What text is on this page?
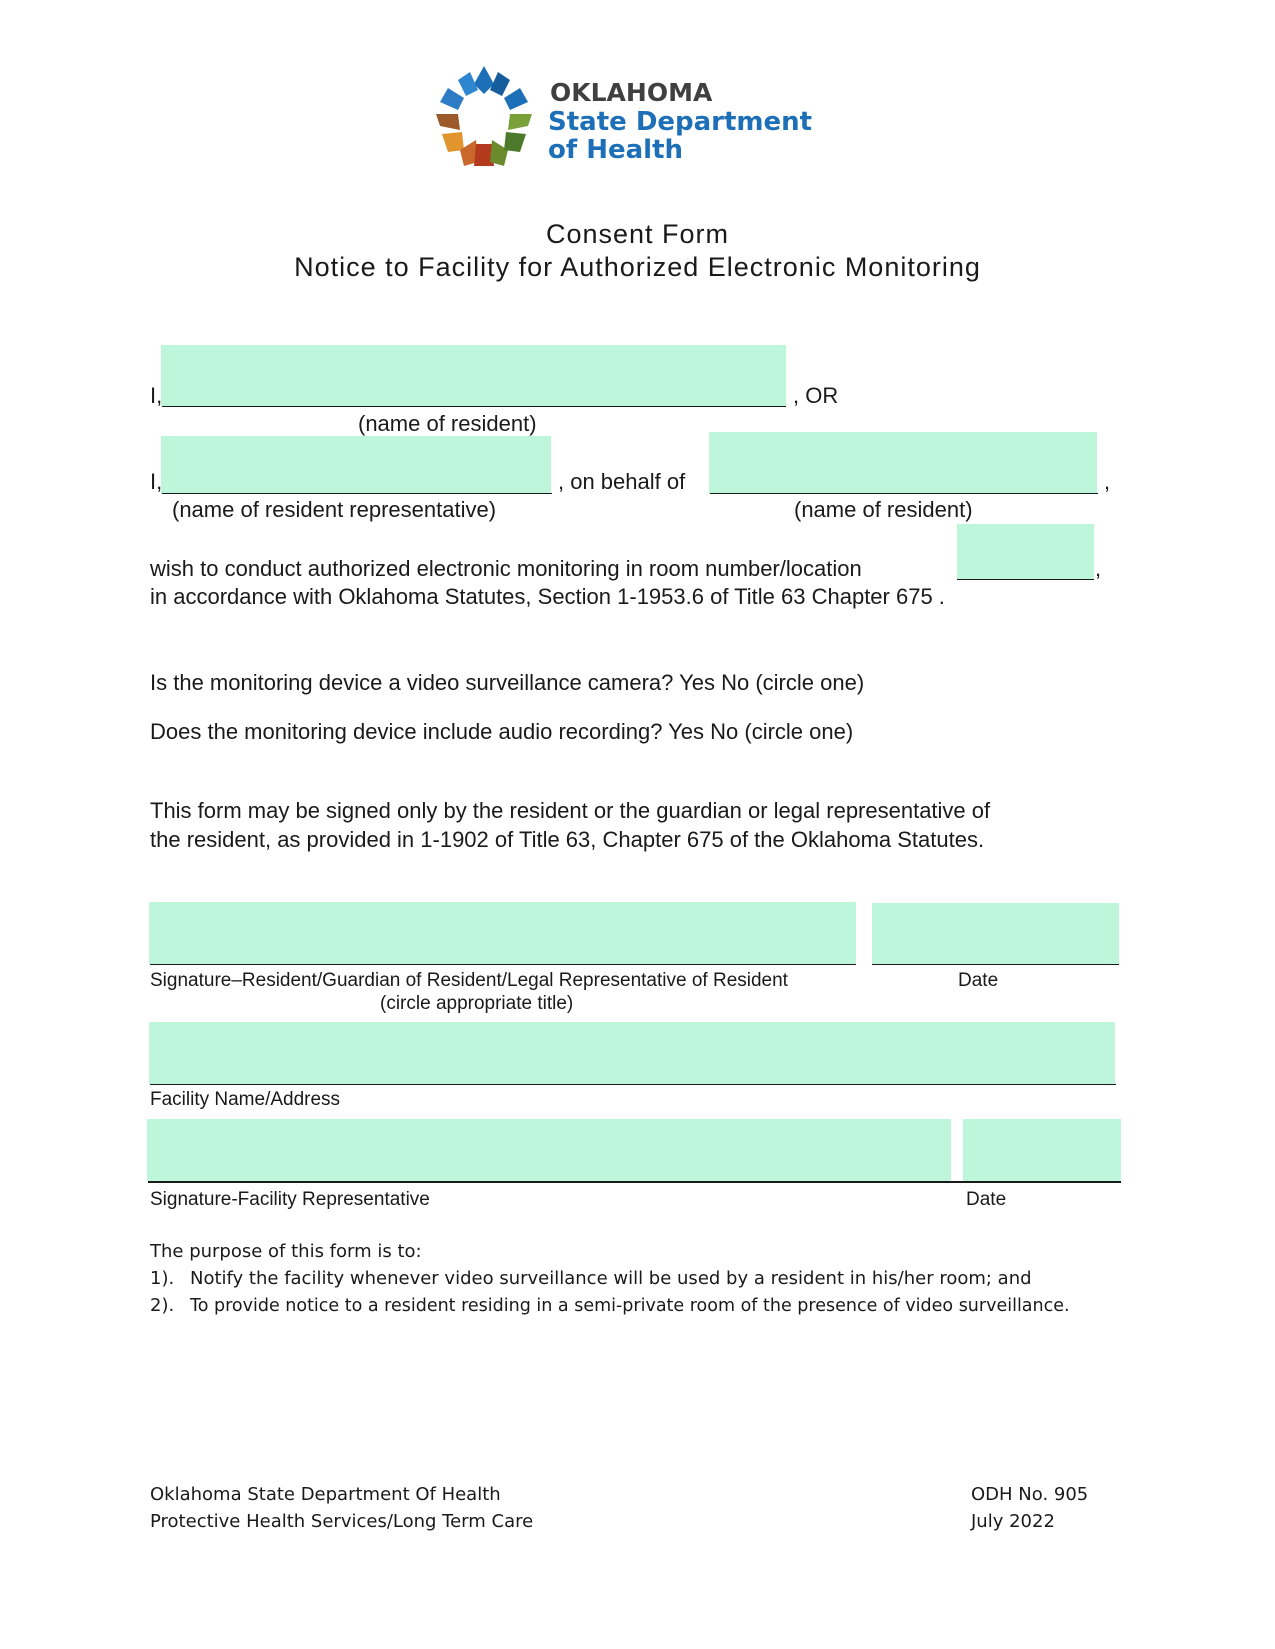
OKLAHOMA
State Department
of Health
Consent Form
Notice to Facility for Authorized Electronic Monitoring
I,	, OR
(name of resident)
I,	, on behalf of	,
(name of resident representative)	(name of resident)
wish to conduct authorized electronic monitoring in room number/location	,
in accordance with Oklahoma Statutes, Section 1-1953.6 of Title 63 Chapter 675 .
Is the monitoring device a video surveillance camera? Yes No (circle one)
Does the monitoring device include audio recording? Yes No (circle one)
This form may be signed only by the resident or the guardian or legal representative of
the resident, as provided in 1-1902 of Title 63, Chapter 675 of the Oklahoma Statutes.
Signature–Resident/Guardian of Resident/Legal Representative of Resident	Date
(circle appropriate title)
Facility Name/Address
Signature-Facility Representative	Date
The purpose of this form is to:
1). Notify the facility whenever video surveillance will be used by a resident in his/her room; and
2). To provide notice to a resident residing in a semi-private room of the presence of video surveillance.
Oklahoma State Department Of Health
Protective Health Services/Long Term Care
ODH No. 905
July 2022
